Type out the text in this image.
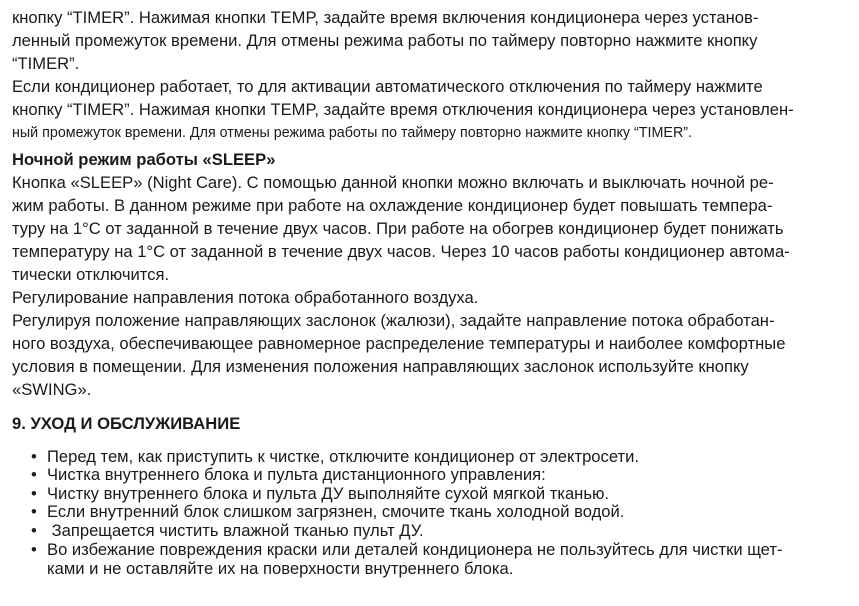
кнопку “TIMER”. Нажимая кнопки TEMP, задайте время включения кондиционера через установ-
ленный промежуток времени. Для отмены режима работы по таймеру повторно нажмите кнопку
“TIMER”.
Если кондиционер работает, то для активации автоматического отключения по таймеру нажмите
кнопку “TIMER”. Нажимая кнопки TEMP, задайте время отключения кондиционера через установлен-
ный промежуток времени. Для отмены режима работы по таймеру повторно нажмите кнопку “TIMER”.
Ночной режим работы «SLEEP»
Кнопка «SLEEP» (Night Care). С помощью данной кнопки можно включать и выключать ночной ре-
жим работы. В данном режиме при работе на охлаждение кондиционер будет повышать темпера-
туру на 1°C от заданной в течение двух часов. При работе на обогрев кондиционер будет понижать
температуру на 1°C от заданной в течение двух часов. Через 10 часов работы кондиционер автома-
тически отключится.
Регулирование направления потока обработанного воздуха.
Регулируя положение направляющих заслонок (жалюзи), задайте направление потока обработан-
ного воздуха, обеспечивающее равномерное распределение температуры и наиболее комфортные
условия в помещении. Для изменения положения направляющих заслонок используйте кнопку
«SWING».
9. УХОД И ОБСЛУЖИВАНИЕ
• Перед тем, как приступить к чистке, отключите кондиционер от электросети.
• Чистка внутреннего блока и пульта дистанционного управления:
• Чистку внутреннего блока и пульта ДУ выполняйте сухой мягкой тканью.
• Если внутренний блок слишком загрязнен, смочите ткань холодной водой.
• Запрещается чистить влажной тканью пульт ДУ.
• Во избежание повреждения краски или деталей кондиционера не пользуйтесь для чистки щет-
ками и не оставляйте их на поверхности внутреннего блока.
